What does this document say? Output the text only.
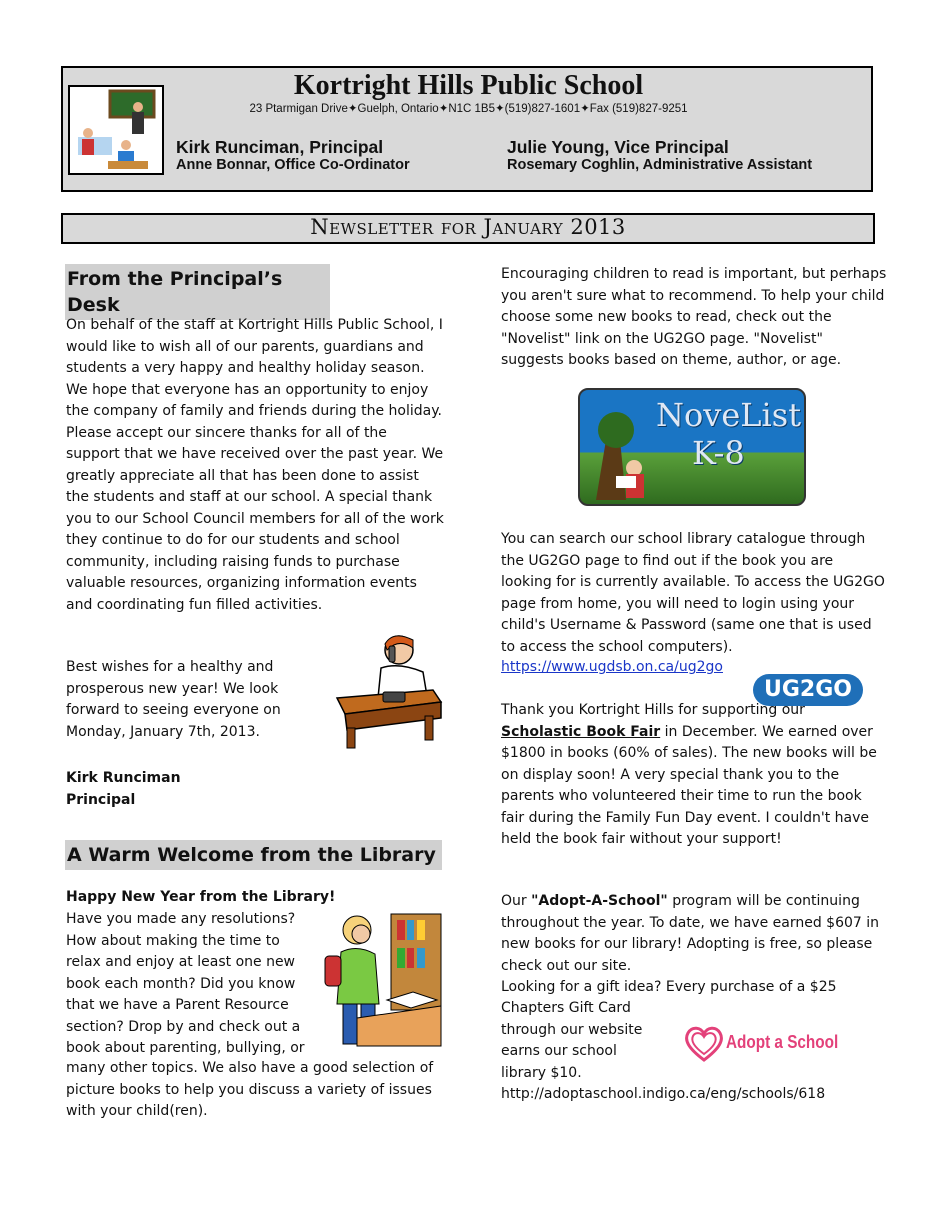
Kortright Hills Public School
23 Ptarmigan Drive✦Guelph, Ontario✦N1C 1B5✦(519)827-1601✦Fax (519)827-9251
Kirk Runciman, Principal	Julie Young, Vice Principal
Anne Bonnar, Office Co-Ordinator	Rosemary Coghlin, Administrative Assistant
Newsletter for January 2013
From the Principal’s Desk
On behalf of the staff at Kortright Hills Public School, I would like to wish all of our parents, guardians and students a very happy and healthy holiday season. We hope that everyone has an opportunity to enjoy the company of family and friends during the holiday. Please accept our sincere thanks for all of the support that we have received over the past year. We greatly appreciate all that has been done to assist the students and staff at our school. A special thank you to our School Council members for all of the work they continue to do for our students and school community, including raising funds to purchase valuable resources, organizing information events and coordinating fun filled activities.
Best wishes for a healthy and prosperous new year! We look forward to seeing everyone on Monday, January 7th, 2013.
Kirk Runciman
Principal
A Warm Welcome from the Library
Happy New Year from the Library!
Have you made any resolutions? How about making the time to relax and enjoy at least one new book each month? Did you know that we have a Parent Resource section? Drop by and check out a book about parenting, bullying, or
many other topics. We also have a good selection of picture books to help you discuss a variety of issues with your child(ren).
Encouraging children to read is important, but perhaps you aren't sure what to recommend. To help your child choose some new books to read, check out the "Novelist" link on the UG2GO page. "Novelist" suggests books based on theme, author, or age.
NoveList
K-8
You can search our school library catalogue through the UG2GO page to find out if the book you are looking for is currently available. To access the UG2GO page from home, you will need to login using your child's Username & Password (same one that is used to access the school computers).
https://www.ugdsb.on.ca/ug2go
UG2GO
Thank you Kortright Hills for supporting our Scholastic Book Fair in December. We earned over $1800 in books (60% of sales). The new books will be on display soon! A very special thank you to the parents who volunteered their time to run the book fair during the Family Fun Day event. I couldn't have held the book fair without your support!
Our "Adopt-A-School" program will be continuing throughout the year. To date, we have earned $607 in new books for our library! Adopting is free, so please check out our site.
Looking for a gift idea? Every purchase of a $25
Chapters Gift Card
through our website
earns our school
library $10.
Adopt a School
http://adoptaschool.indigo.ca/eng/schools/618
